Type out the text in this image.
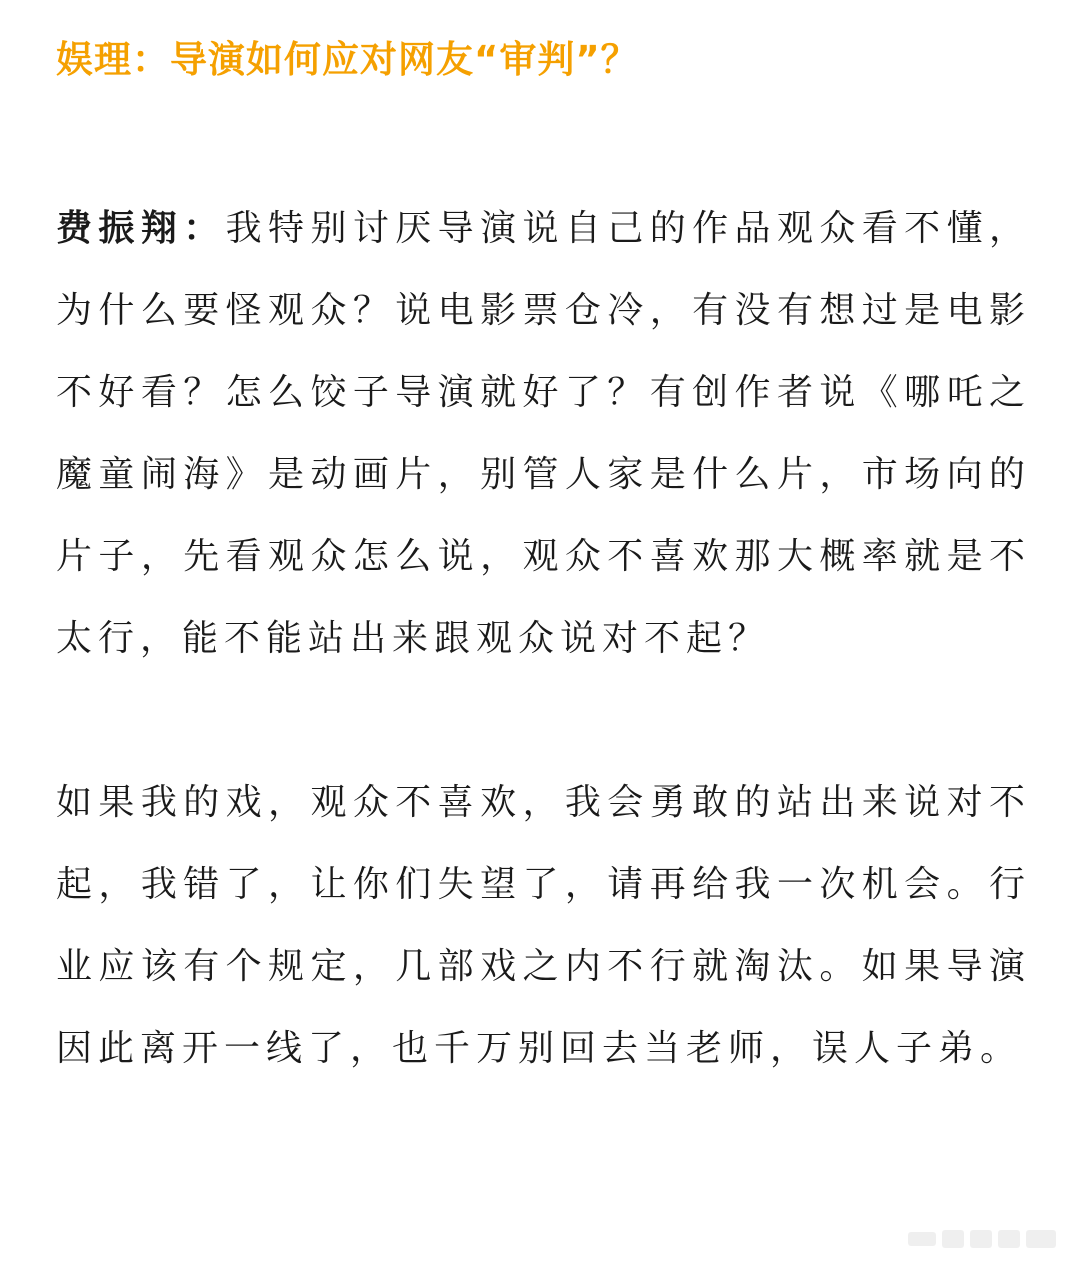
娱理：导演如何应对网友“审判”？

费振翔：我特别讨厌导演说自己的作品观众看不懂，为什么要怪观众？说电影票仓冷，有没有想过是电影不好看？怎么饺子导演就好了？有创作者说《哪吒之魔童闹海》是动画片，别管人家是什么片，市场向的片子，先看观众怎么说，观众不喜欢那大概率就是不太行，能不能站出来跟观众说对不起？

如果我的戏，观众不喜欢，我会勇敢的站出来说对不起，我错了，让你们失望了，请再给我一次机会。行业应该有个规定，几部戏之内不行就淘汰。如果导演因此离开一线了，也千万别回去当老师，误人子弟。
